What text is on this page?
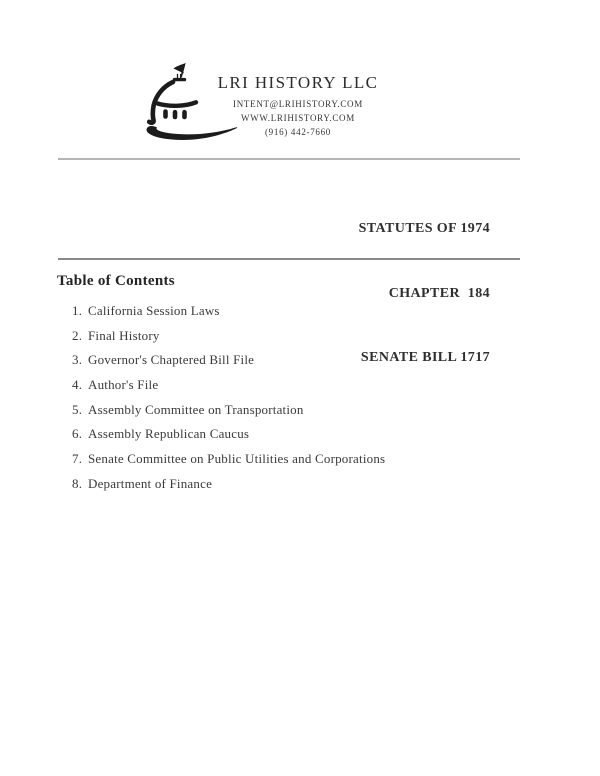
LRI HISTORY LLC
INTENT@LRIHISTORY.COM
WWW.LRIHISTORY.COM
(916) 442-7660

STATUTES OF 1974

CHAPTER  184

SENATE BILL 1717

Table of Contents
1. California Session Laws
2. Final History
3. Governor's Chaptered Bill File
4. Author's File
5. Assembly Committee on Transportation
6. Assembly Republican Caucus
7. Senate Committee on Public Utilities and Corporations
8. Department of Finance
